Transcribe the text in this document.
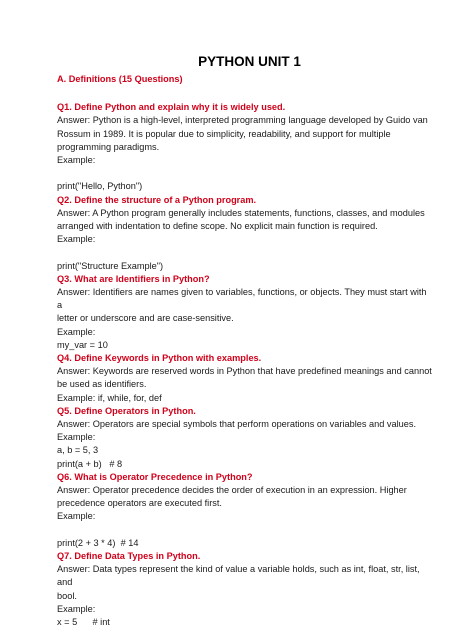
PYTHON UNIT 1
A. Definitions (15 Questions)
Q1. Define Python and explain why it is widely used.
Answer: Python is a high-level, interpreted programming language developed by Guido van
Rossum in 1989. It is popular due to simplicity, readability, and support for multiple
programming paradigms.
Example:
print("Hello, Python")
Q2. Define the structure of a Python program.
Answer: A Python program generally includes statements, functions, classes, and modules
arranged with indentation to define scope. No explicit main function is required.
Example:
print("Structure Example")
Q3. What are Identifiers in Python?
Answer: Identifiers are names given to variables, functions, or objects. They must start with a
letter or underscore and are case-sensitive.
Example:
my_var = 10
Q4. Define Keywords in Python with examples.
Answer: Keywords are reserved words in Python that have predefined meanings and cannot
be used as identifiers.
Example: if, while, for, def
Q5. Define Operators in Python.
Answer: Operators are special symbols that perform operations on variables and values.
Example:
a, b = 5, 3
print(a + b)   # 8
Q6. What is Operator Precedence in Python?
Answer: Operator precedence decides the order of execution in an expression. Higher
precedence operators are executed first.
Example:
print(2 + 3 * 4)  # 14
Q7. Define Data Types in Python.
Answer: Data types represent the kind of value a variable holds, such as int, float, str, list, and
bool.
Example:
x = 5      # int
